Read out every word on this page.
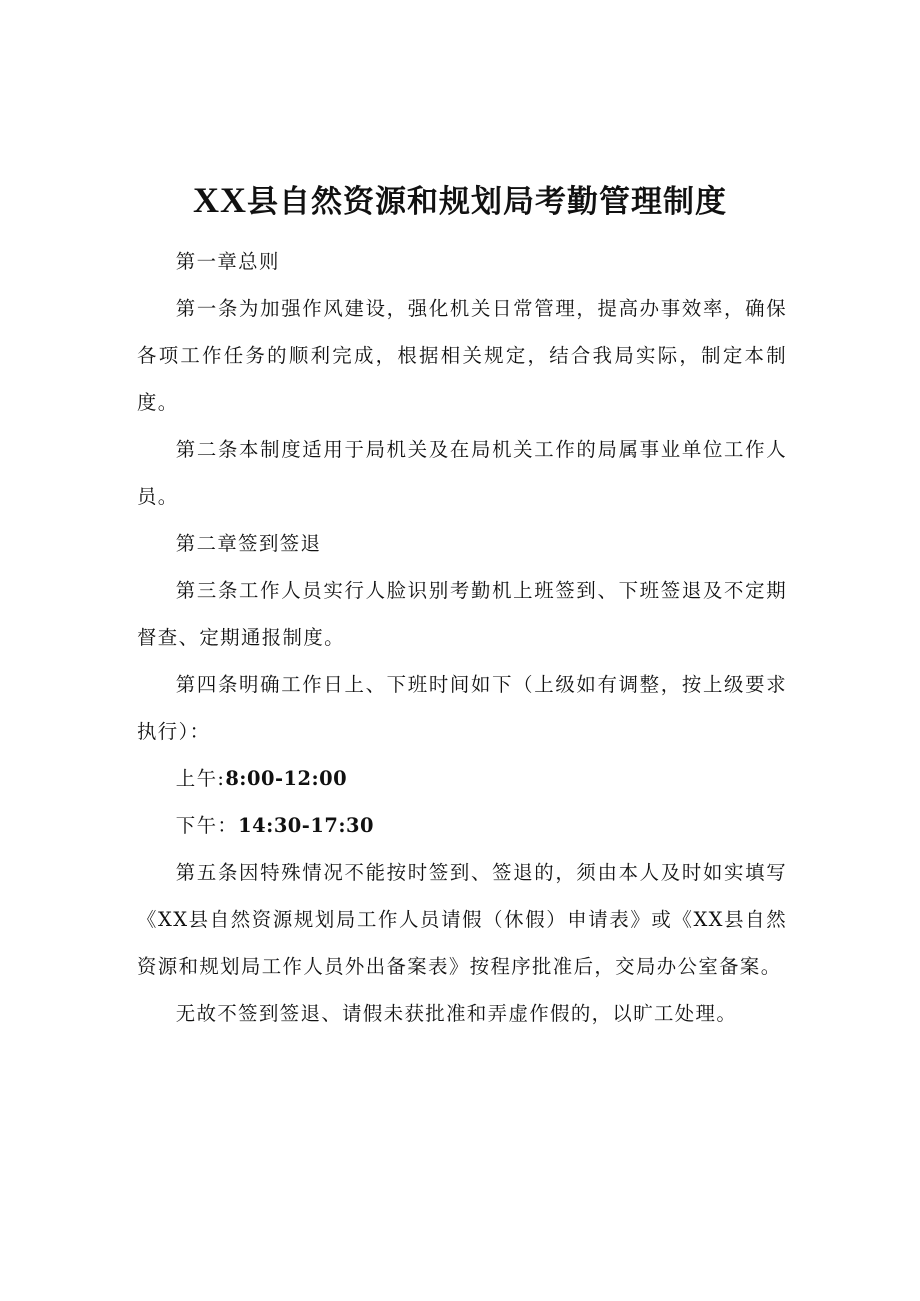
XX县自然资源和规划局考勤管理制度

第一章总则

第一条为加强作风建设，强化机关日常管理，提高办事效率，确保各项工作任务的顺利完成，根据相关规定，结合我局实际，制定本制度。

第二条本制度适用于局机关及在局机关工作的局属事业单位工作人员。

第二章签到签退

第三条工作人员实行人脸识别考勤机上班签到、下班签退及不定期督查、定期通报制度。

第四条明确工作日上、下班时间如下（上级如有调整，按上级要求执行）：

上午:8:00-12:00

下午：14:30-17:30

第五条因特殊情况不能按时签到、签退的，须由本人及时如实填写《XX县自然资源规划局工作人员请假（休假）申请表》或《XX县自然资源和规划局工作人员外出备案表》按程序批准后，交局办公室备案。

无故不签到签退、请假未获批准和弄虚作假的，以旷工处理。
